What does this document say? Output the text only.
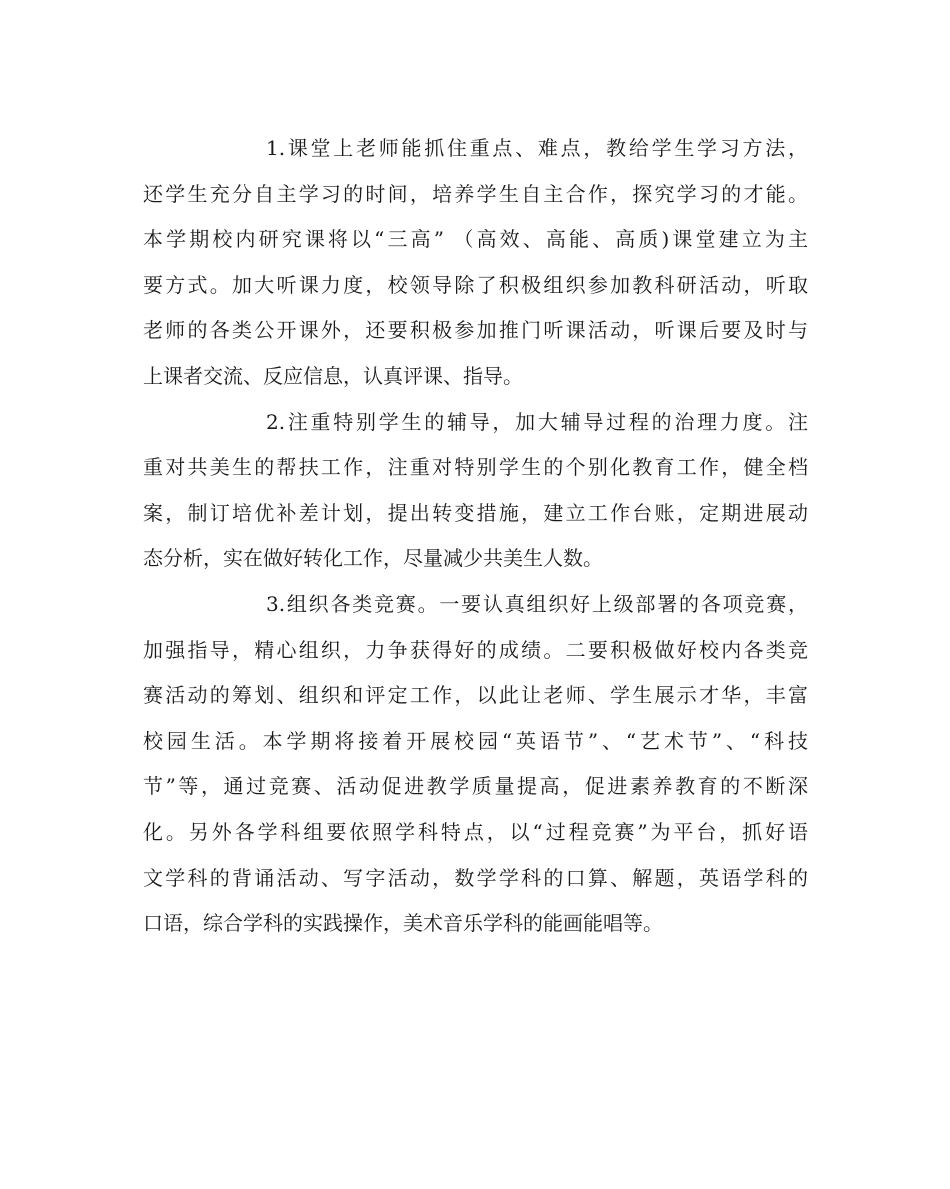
1.课堂上老师能抓住重点、难点，教给学生学习方法，
还学生充分自主学习的时间，培养学生自主合作，探究学习的才能。
本学期校内研究课将以“三高” （高效、高能、高质)课堂建立为主
要方式。加大听课力度，校领导除了积极组织参加教科研活动，听取
老师的各类公开课外，还要积极参加推门听课活动，听课后要及时与
上课者交流、反应信息，认真评课、指导。
2.注重特别学生的辅导，加大辅导过程的治理力度。注
重对共美生的帮扶工作，注重对特别学生的个别化教育工作，健全档
案，制订培优补差计划，提出转变措施，建立工作台账，定期进展动
态分析，实在做好转化工作，尽量减少共美生人数。
3.组织各类竞赛。一要认真组织好上级部署的各项竞赛，
加强指导，精心组织，力争获得好的成绩。二要积极做好校内各类竞
赛活动的筹划、组织和评定工作，以此让老师、学生展示才华，丰富
校园生活。本学期将接着开展校园“英语节”、“艺术节”、“科技
节”等，通过竞赛、活动促进教学质量提高，促进素养教育的不断深
化。另外各学科组要依照学科特点，以“过程竞赛”为平台，抓好语
文学科的背诵活动、写字活动，数学学科的口算、解题，英语学科的
口语，综合学科的实践操作，美术音乐学科的能画能唱等。
